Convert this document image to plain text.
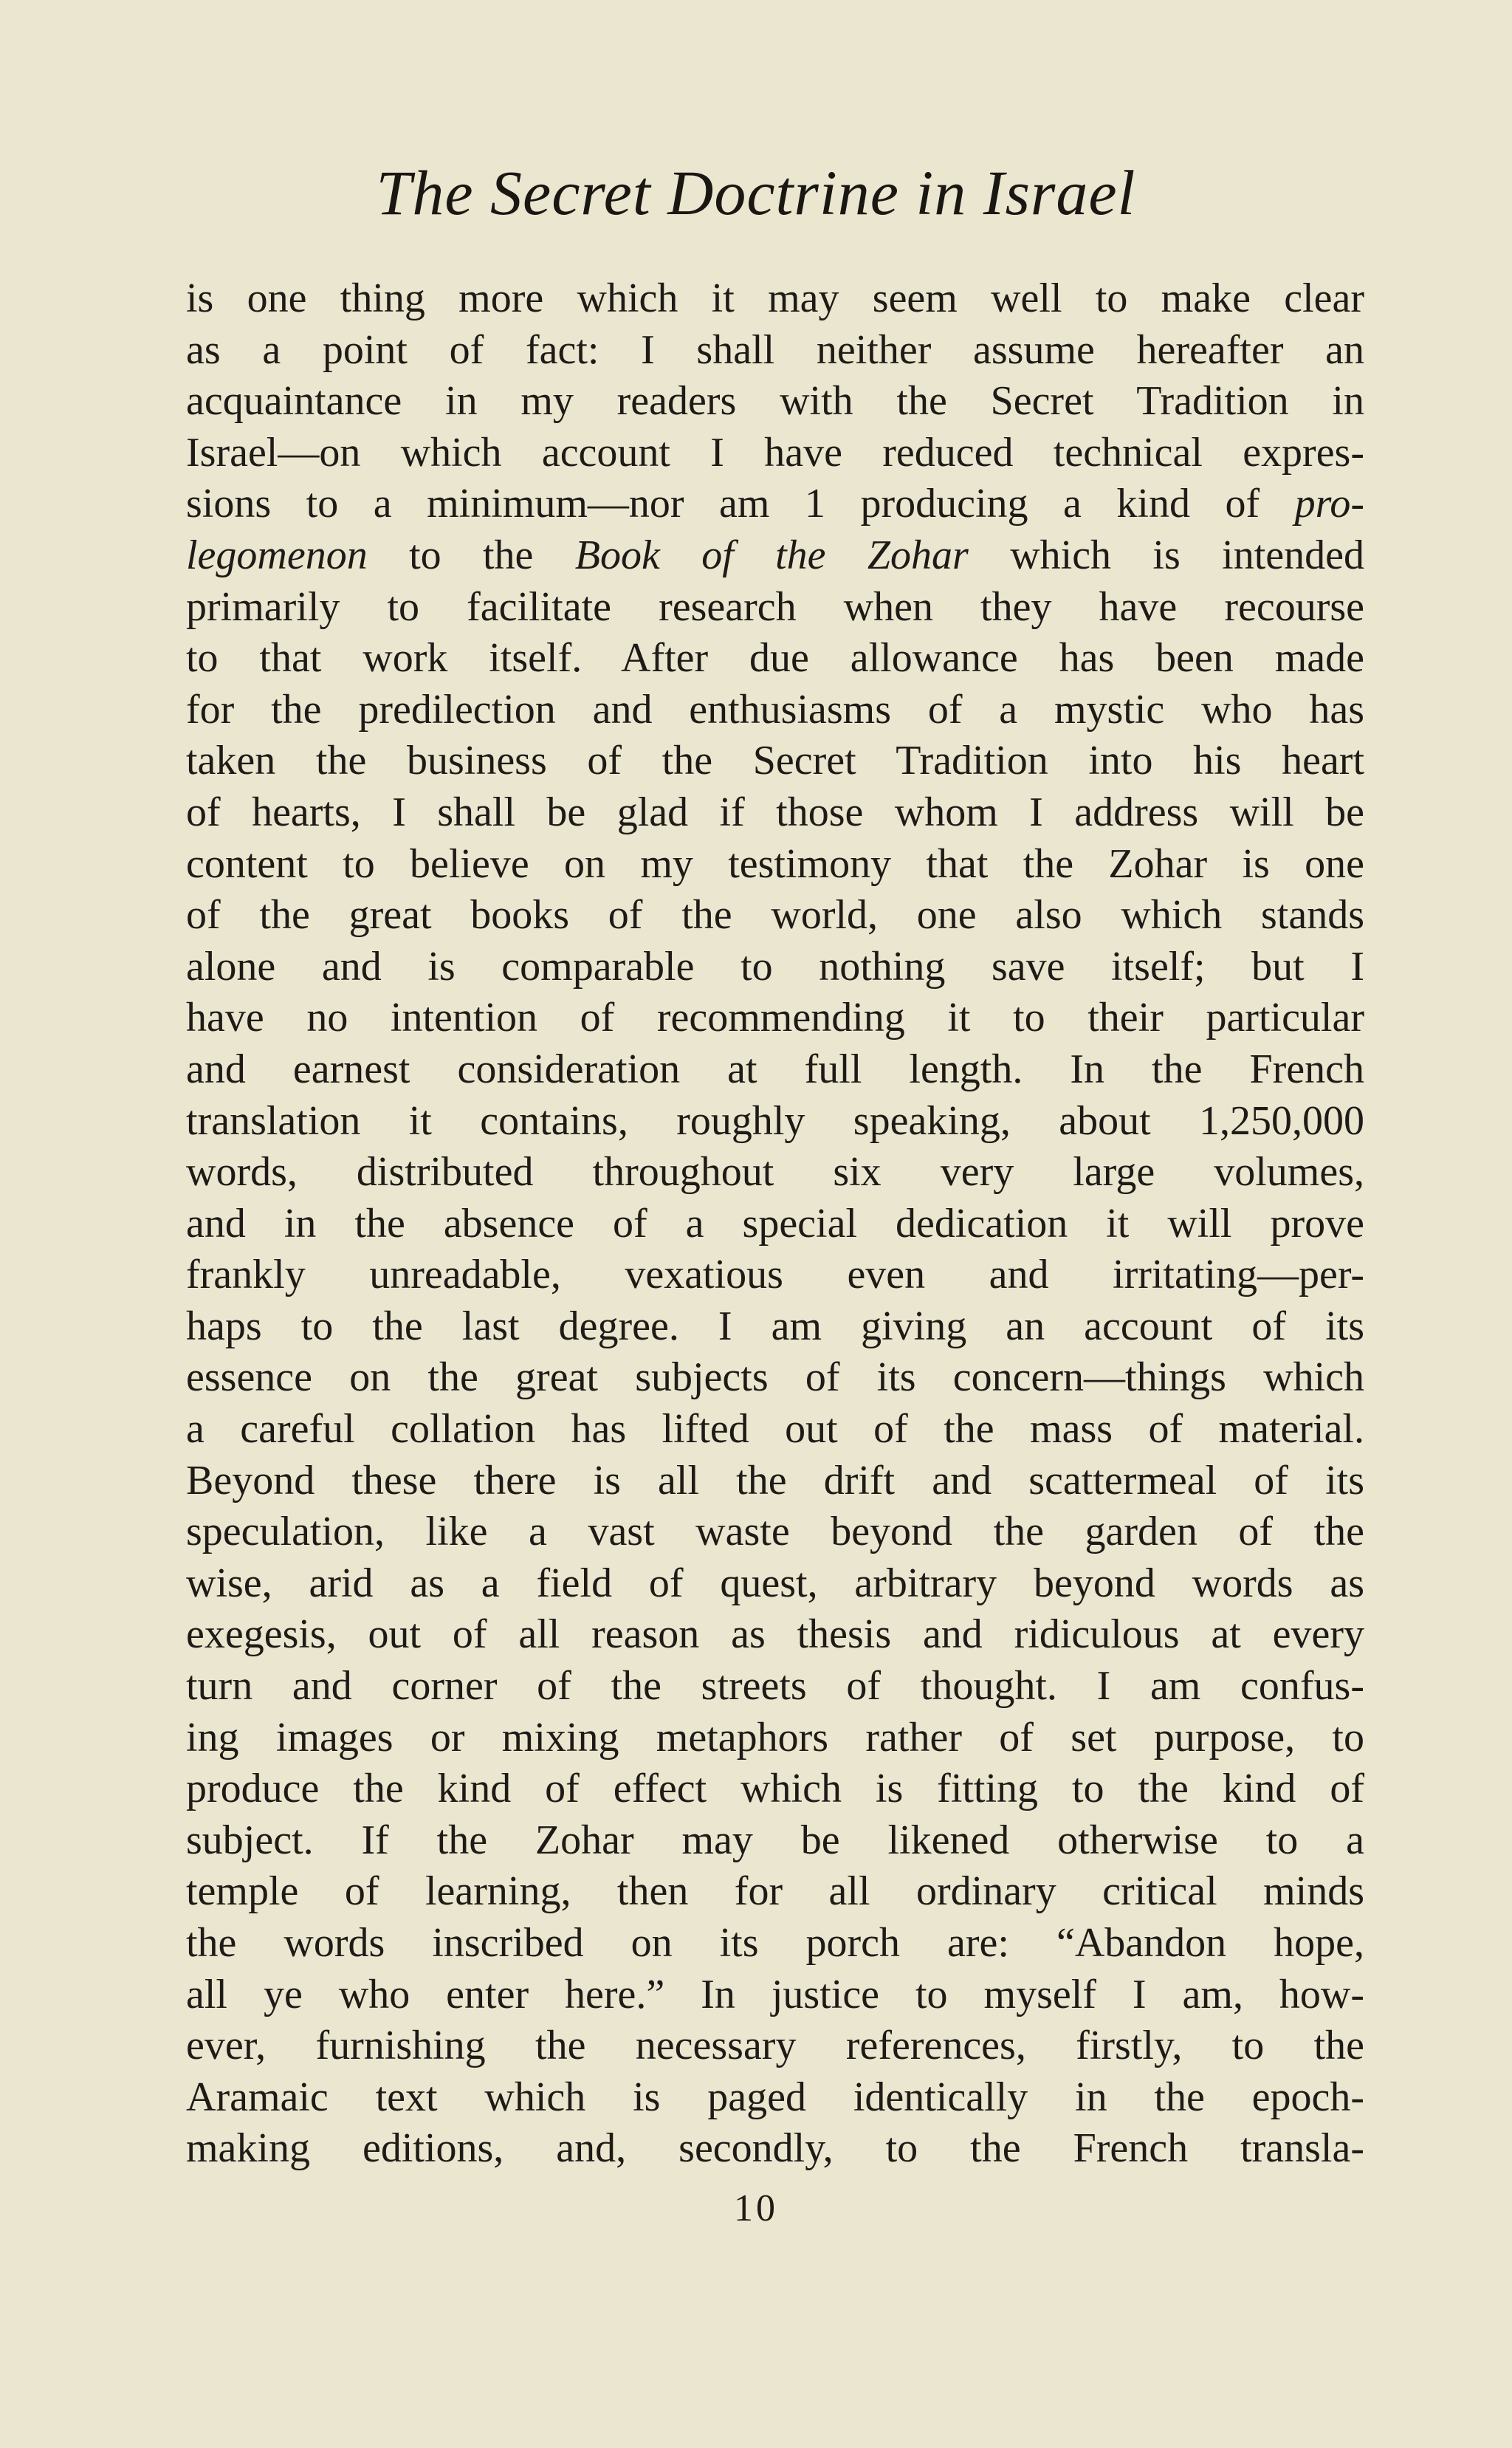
The Secret Doctrine in Israel
is one thing more which it may seem well to make clear
as a point of fact: I shall neither assume hereafter an
acquaintance in my readers with the Secret Tradition in
Israel—on which account I have reduced technical expres-
sions to a minimum—nor am 1 producing a kind of pro-
legomenon to the Book of the Zohar which is intended
primarily to facilitate research when they have recourse
to that work itself. After due allowance has been made
for the predilection and enthusiasms of a mystic who has
taken the business of the Secret Tradition into his heart
of hearts, I shall be glad if those whom I address will be
content to believe on my testimony that the Zohar is one
of the great books of the world, one also which stands
alone and is comparable to nothing save itself; but I
have no intention of recommending it to their particular
and earnest consideration at full length. In the French
translation it contains, roughly speaking, about 1,250,000
words, distributed throughout six very large volumes,
and in the absence of a special dedication it will prove
frankly unreadable, vexatious even and irritating—per-
haps to the last degree. I am giving an account of its
essence on the great subjects of its concern—things which
a careful collation has lifted out of the mass of material.
Beyond these there is all the drift and scattermeal of its
speculation, like a vast waste beyond the garden of the
wise, arid as a field of quest, arbitrary beyond words as
exegesis, out of all reason as thesis and ridiculous at every
turn and corner of the streets of thought. I am confus-
ing images or mixing metaphors rather of set purpose, to
produce the kind of effect which is fitting to the kind of
subject. If the Zohar may be likened otherwise to a
temple of learning, then for all ordinary critical minds
the words inscribed on its porch are: “Abandon hope,
all ye who enter here.” In justice to myself I am, how-
ever, furnishing the necessary references, firstly, to the
Aramaic text which is paged identically in the epoch-
making editions, and, secondly, to the French transla-
10
